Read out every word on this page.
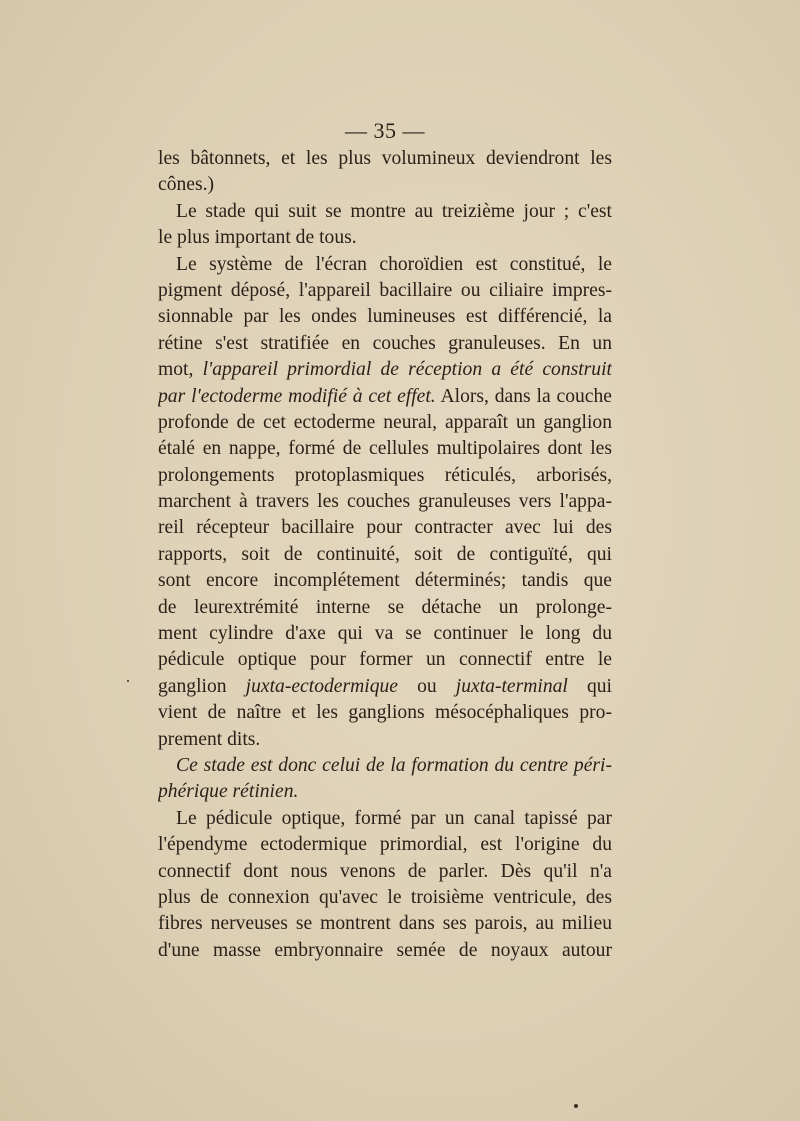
— 35 —
les bâtonnets, et les plus volumineux deviendront les
cônes.)
Le stade qui suit se montre au treizième jour ; c'est
le plus important de tous.
Le système de l'écran choroïdien est constitué, le
pigment déposé, l'appareil bacillaire ou ciliaire impres-
sionnable par les ondes lumineuses est différencié, la
rétine s'est stratifiée en couches granuleuses. En un
mot, l'appareil primordial de réception a été construit
par l'ectoderme modifié à cet effet. Alors, dans la couche
profonde de cet ectoderme neural, apparaît un ganglion
étalé en nappe, formé de cellules multipolaires dont les
prolongements protoplasmiques réticulés, arborisés,
marchent à travers les couches granuleuses vers l'appa-
reil récepteur bacillaire pour contracter avec lui des
rapports, soit de continuité, soit de contiguïté, qui
sont encore incomplétement déterminés; tandis que
de leurextrémité interne se détache un prolonge-
ment cylindre d'axe qui va se continuer le long du
pédicule optique pour former un connectif entre le
ganglion juxta-ectodermique ou juxta-terminal qui
vient de naître et les ganglions mésocéphaliques pro-
prement dits.
Ce stade est donc celui de la formation du centre péri-
phérique rétinien.
Le pédicule optique, formé par un canal tapissé par
l'épendyme ectodermique primordial, est l'origine du
connectif dont nous venons de parler. Dès qu'il n'a
plus de connexion qu'avec le troisième ventricule, des
fibres nerveuses se montrent dans ses parois, au milieu
d'une masse embryonnaire semée de noyaux autour
